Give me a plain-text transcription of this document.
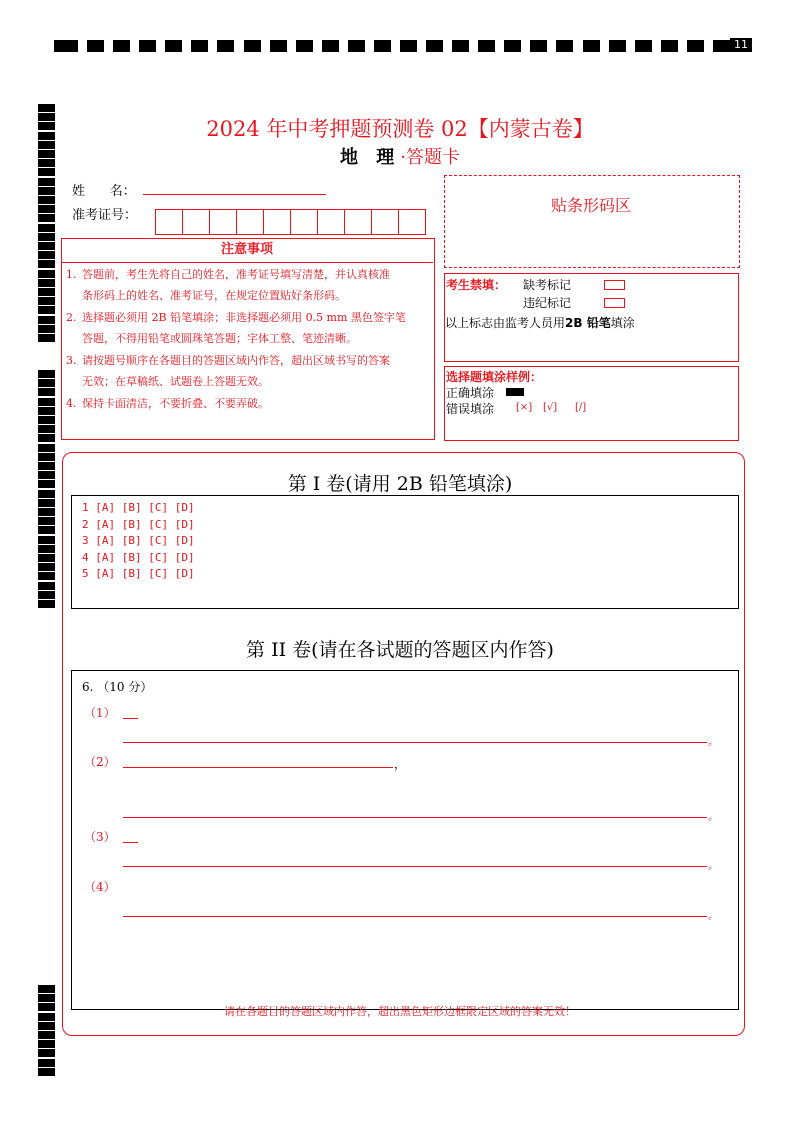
11
2024 年中考押题预测卷 02【内蒙古卷】
地 理·答题卡
姓      名：
准考证号：
注意事项
1. 答题前，考生先将自己的姓名，准考证号填写清楚，并认真核准
条形码上的姓名、准考证号，在规定位置贴好条形码。
2. 选择题必须用 2B 铅笔填涂；非选择题必须用 0.5 mm 黑色签字笔
答题，不得用铅笔或圆珠笔答题；字体工整、笔迹清晰。
3. 请按题号顺序在各题目的答题区域内作答，超出区域书写的答案
无效；在草稿纸、试题卷上答题无效。
4. 保持卡面清洁，不要折叠、不要弄破。
贴条形码区
考生禁填： 缺考标记
违纪标记
以上标志由监考人员用2B 铅笔填涂
选择题填涂样例：
正确填涂
错误填涂 [×] [√] [/]
第 I 卷(请用 2B 铅笔填涂)
1 [A] [B] [C] [D]
2 [A] [B] [C] [D]
3 [A] [B] [C] [D]
4 [A] [B] [C] [D]
5 [A] [B] [C] [D]
第 II 卷(请在各试题的答题区内作答)
6. （10 分）
（1）
。
（2）	，
。
（3）
。
（4）
。
请在各题目的答题区域内作答，超出黑色矩形边框限定区域的答案无效！
